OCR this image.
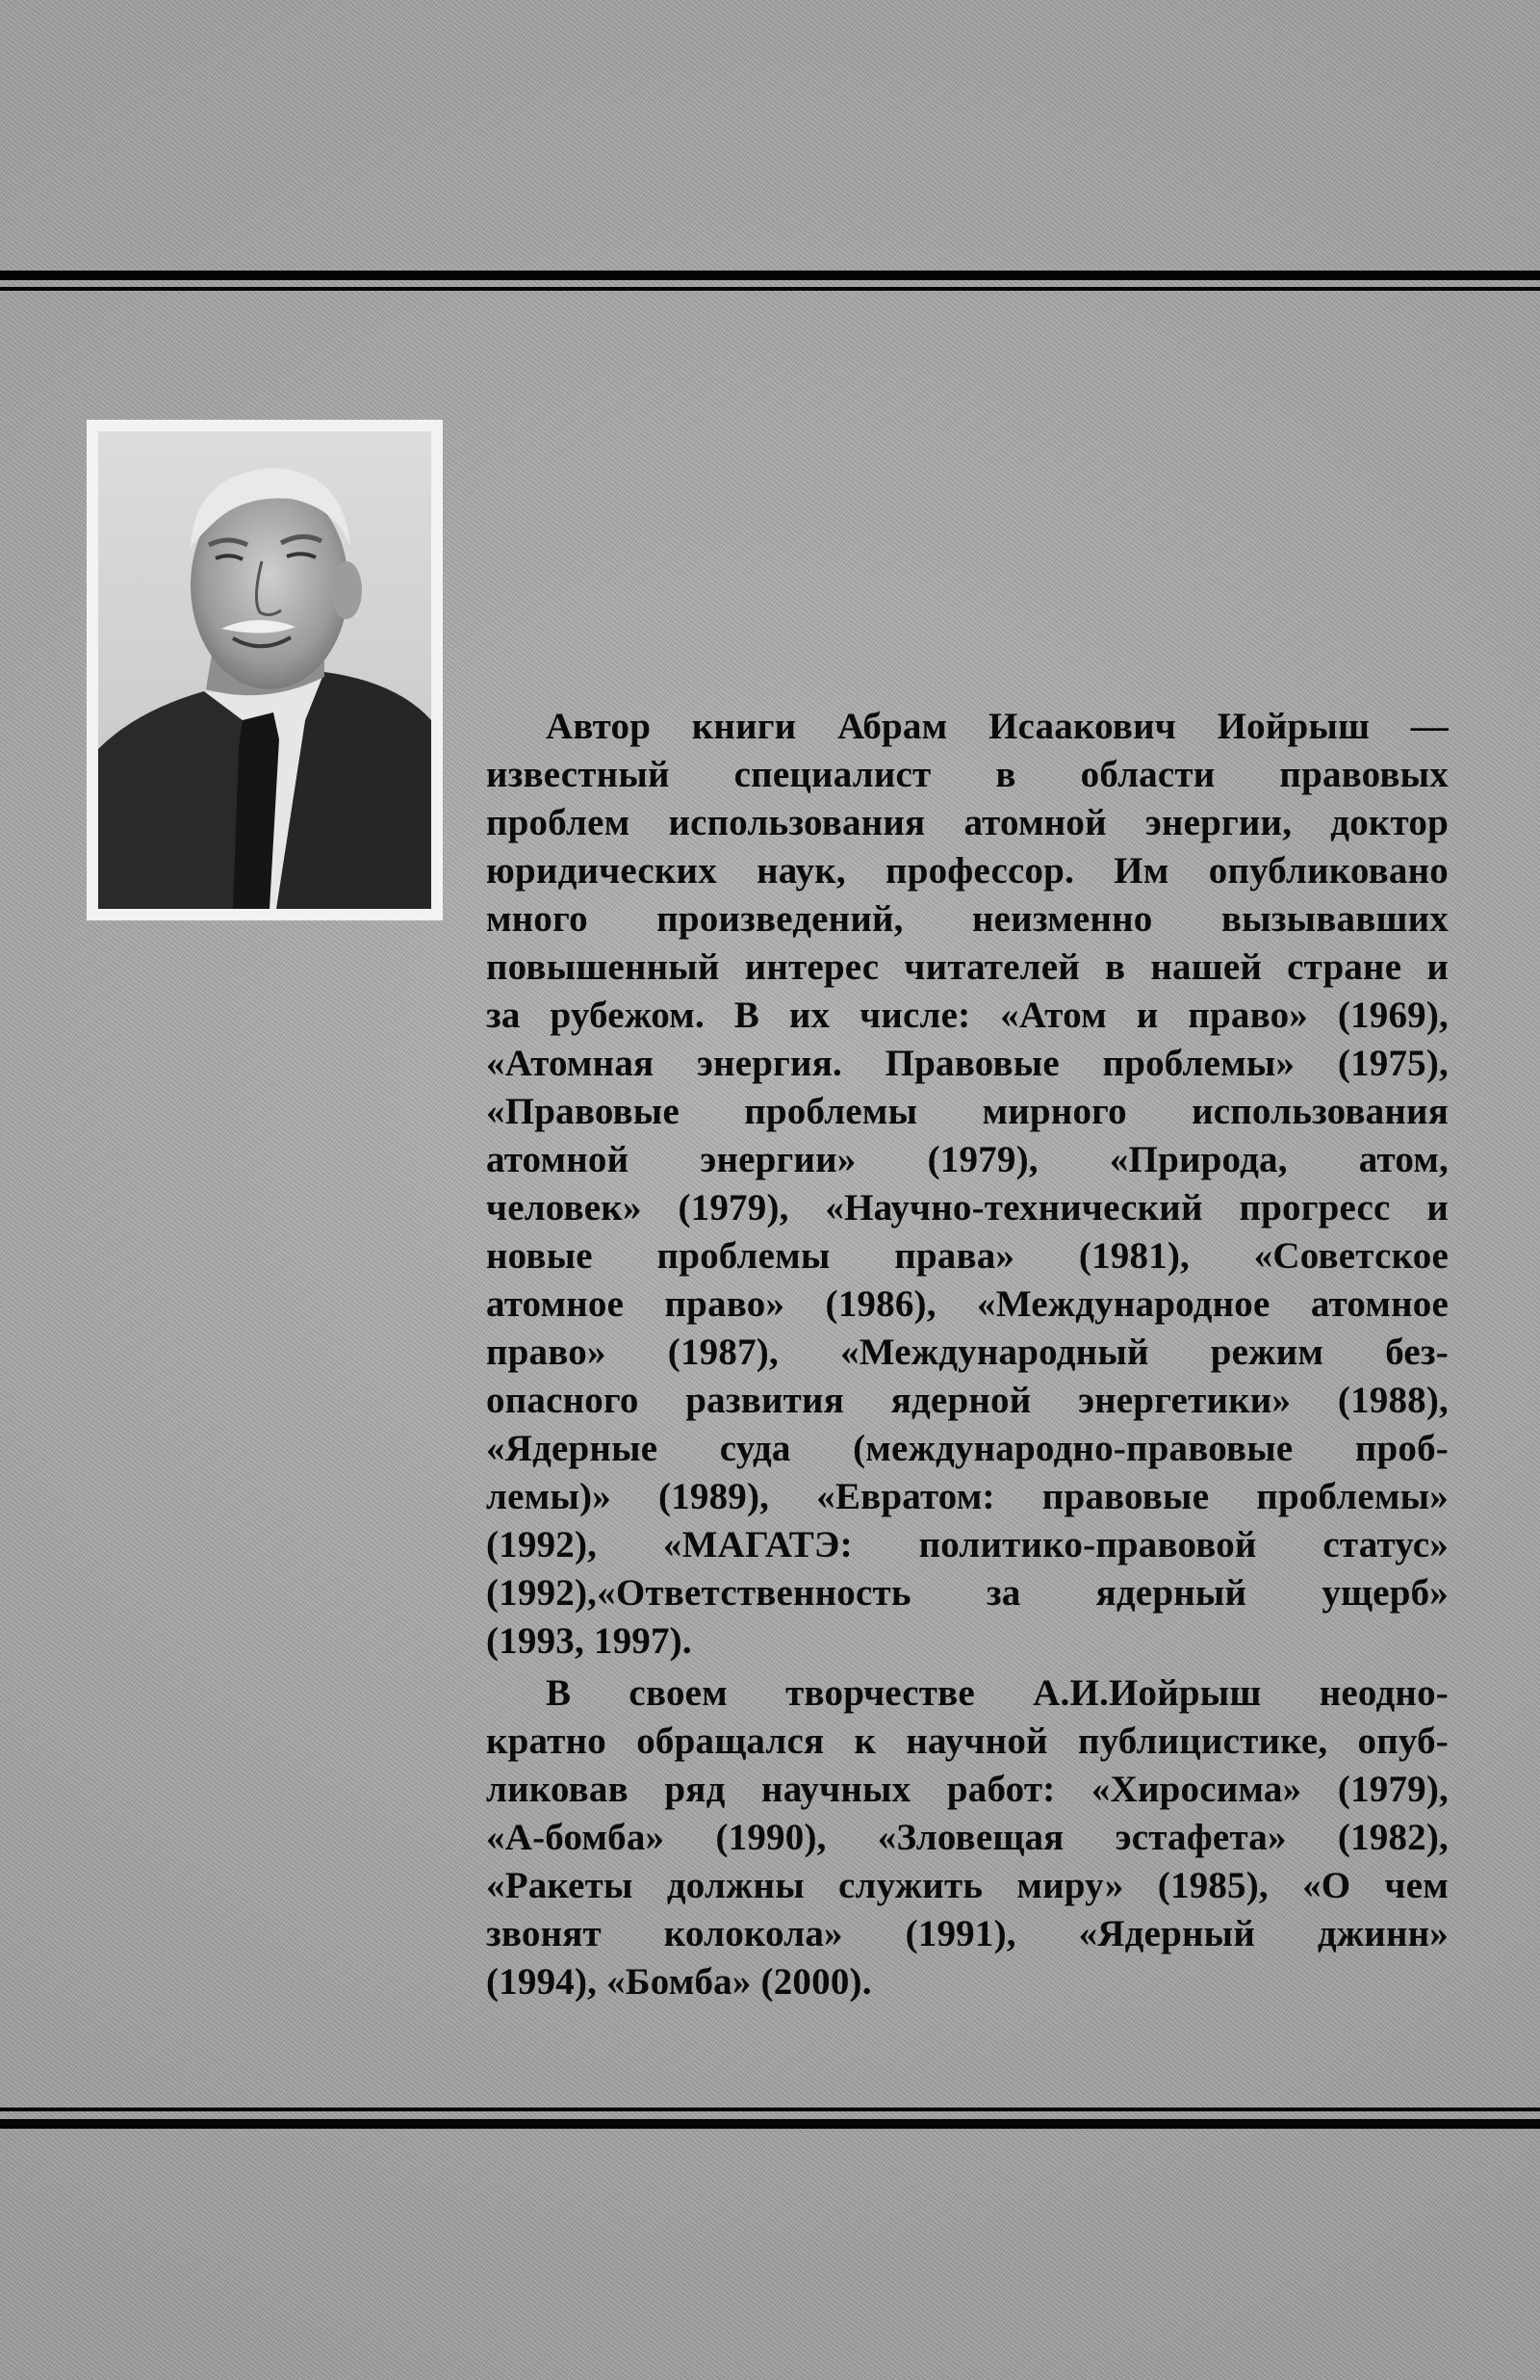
Автор книги Абрам Исаакович Иойрыш —
известный специалист в области правовых
проблем использования атомной энергии, доктор
юридических наук, профессор. Им опубликовано
много произведений, неизменно вызывавших
повышенный интерес читателей в нашей стране и
за рубежом. В их числе: «Атом и право» (1969),
«Атомная энергия. Правовые проблемы» (1975),
«Правовые проблемы мирного использования
атомной энергии» (1979), «Природа, атом,
человек» (1979), «Научно-технический прогресс и
новые проблемы права» (1981), «Советское
атомное право» (1986), «Международное атомное
право» (1987), «Международный режим без-
опасного развития ядерной энергетики» (1988),
«Ядерные суда (международно-правовые проб-
лемы)» (1989), «Евратом: правовые проблемы»
(1992), «МАГАТЭ: политико-правовой статус»
(1992),«Ответственность за ядерный ущерб»
(1993, 1997).

В своем творчестве А.И.Иойрыш неодно-
кратно обращался к научной публицистике, опуб-
ликовав ряд научных работ: «Хиросима» (1979),
«А-бомба» (1990), «Зловещая эстафета» (1982),
«Ракеты должны служить миру» (1985), «О чем
звонят колокола» (1991), «Ядерный джинн»
(1994), «Бомба» (2000).
